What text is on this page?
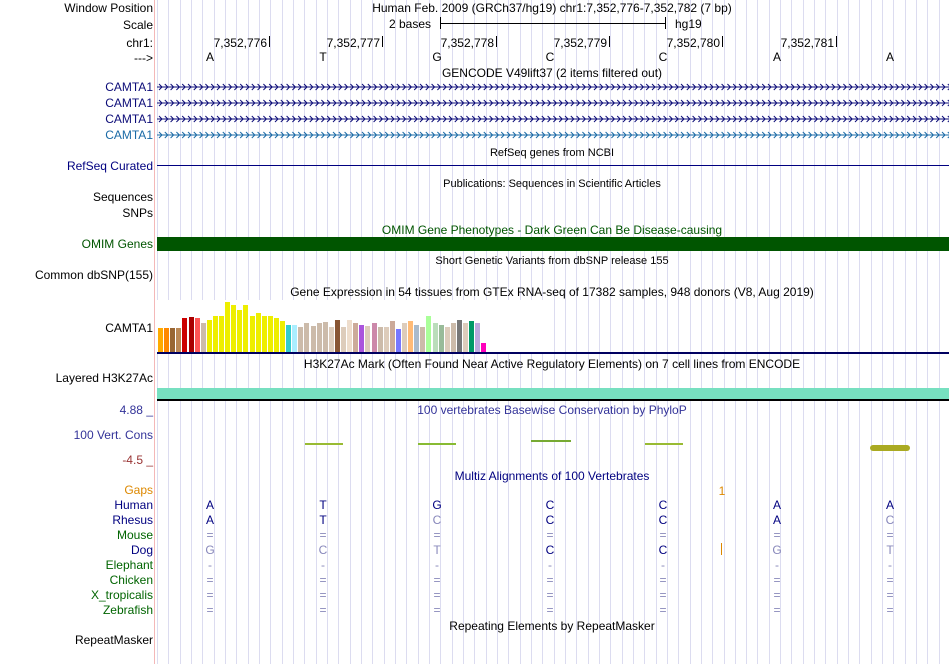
Window Position	Human Feb. 2009 (GRCh37/hg19) chr1:7,352,776-7,352,782 (7 bp)
Scale	2 bases	hg19
chr1:	7,352,776	7,352,777	7,352,778	7,352,779	7,352,780	7,352,781
--->	A	T	G	C	C	A	A
GENCODE V49lift37 (2 items filtered out)
CAMTA1
CAMTA1
CAMTA1
CAMTA1
RefSeq genes from NCBI
RefSeq Curated
Publications: Sequences in Scientific Articles
Sequences
SNPs
OMIM Gene Phenotypes - Dark Green Can Be Disease-causing
OMIM Genes
Short Genetic Variants from dbSNP release 155
Common dbSNP(155)
Gene Expression in 54 tissues from GTEx RNA-seq of 17382 samples, 948 donors (V8, Aug 2019)
CAMTA1
H3K27Ac Mark (Often Found Near Active Regulatory Elements) on 7 cell lines from ENCODE
Layered H3K27Ac
100 vertebrates Basewise Conservation by PhyloP
4.88 _
100 Vert. Cons
-4.5 _
Multiz Alignments of 100 Vertebrates
Gaps	1
Human	A	T	G	C	C	A	A
Rhesus	A	T	C	C	C	A	C
Mouse	=	=	=	=	=	=	=
Dog	G	C	T	C	C	G	T
Elephant	-	-	-	-	-	-	-
Chicken	=	=	=	=	=	=	=
X_tropicalis	=	=	=	=	=	=	=
Zebrafish	=	=	=	=	=	=	=
Repeating Elements by RepeatMasker
RepeatMasker
